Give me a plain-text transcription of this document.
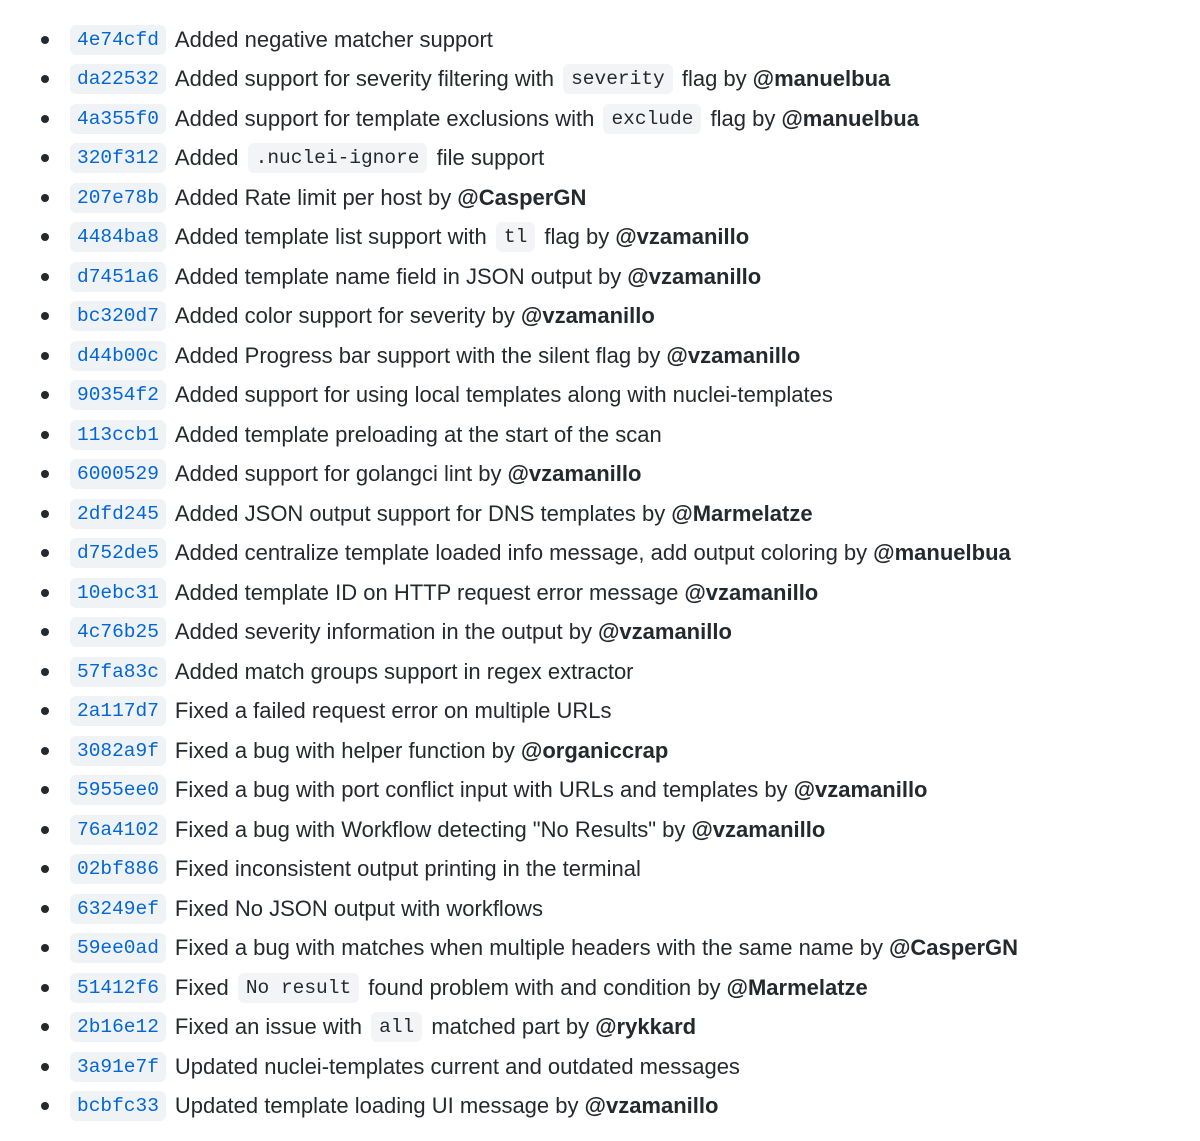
4e74cfd Added negative matcher support
da22532 Added support for severity filtering with severity flag by @manuelbua
4a355f0 Added support for template exclusions with exclude flag by @manuelbua
320f312 Added .nuclei-ignore file support
207e78b Added Rate limit per host by @CasperGN
4484ba8 Added template list support with tl flag by @vzamanillo
d7451a6 Added template name field in JSON output by @vzamanillo
bc320d7 Added color support for severity by @vzamanillo
d44b00c Added Progress bar support with the silent flag by @vzamanillo
90354f2 Added support for using local templates along with nuclei-templates
113ccb1 Added template preloading at the start of the scan
6000529 Added support for golangci lint by @vzamanillo
2dfd245 Added JSON output support for DNS templates by @Marmelatze
d752de5 Added centralize template loaded info message, add output coloring by @manuelbua
10ebc31 Added template ID on HTTP request error message @vzamanillo
4c76b25 Added severity information in the output by @vzamanillo
57fa83c Added match groups support in regex extractor
2a117d7 Fixed a failed request error on multiple URLs
3082a9f Fixed a bug with helper function by @organiccrap
5955ee0 Fixed a bug with port conflict input with URLs and templates by @vzamanillo
76a4102 Fixed a bug with Workflow detecting "No Results" by @vzamanillo
02bf886 Fixed inconsistent output printing in the terminal
63249ef Fixed No JSON output with workflows
59ee0ad Fixed a bug with matches when multiple headers with the same name by @CasperGN
51412f6 Fixed No result found problem with and condition by @Marmelatze
2b16e12 Fixed an issue with all matched part by @rykkard
3a91e7f Updated nuclei-templates current and outdated messages
bcbfc33 Updated template loading UI message by @vzamanillo
